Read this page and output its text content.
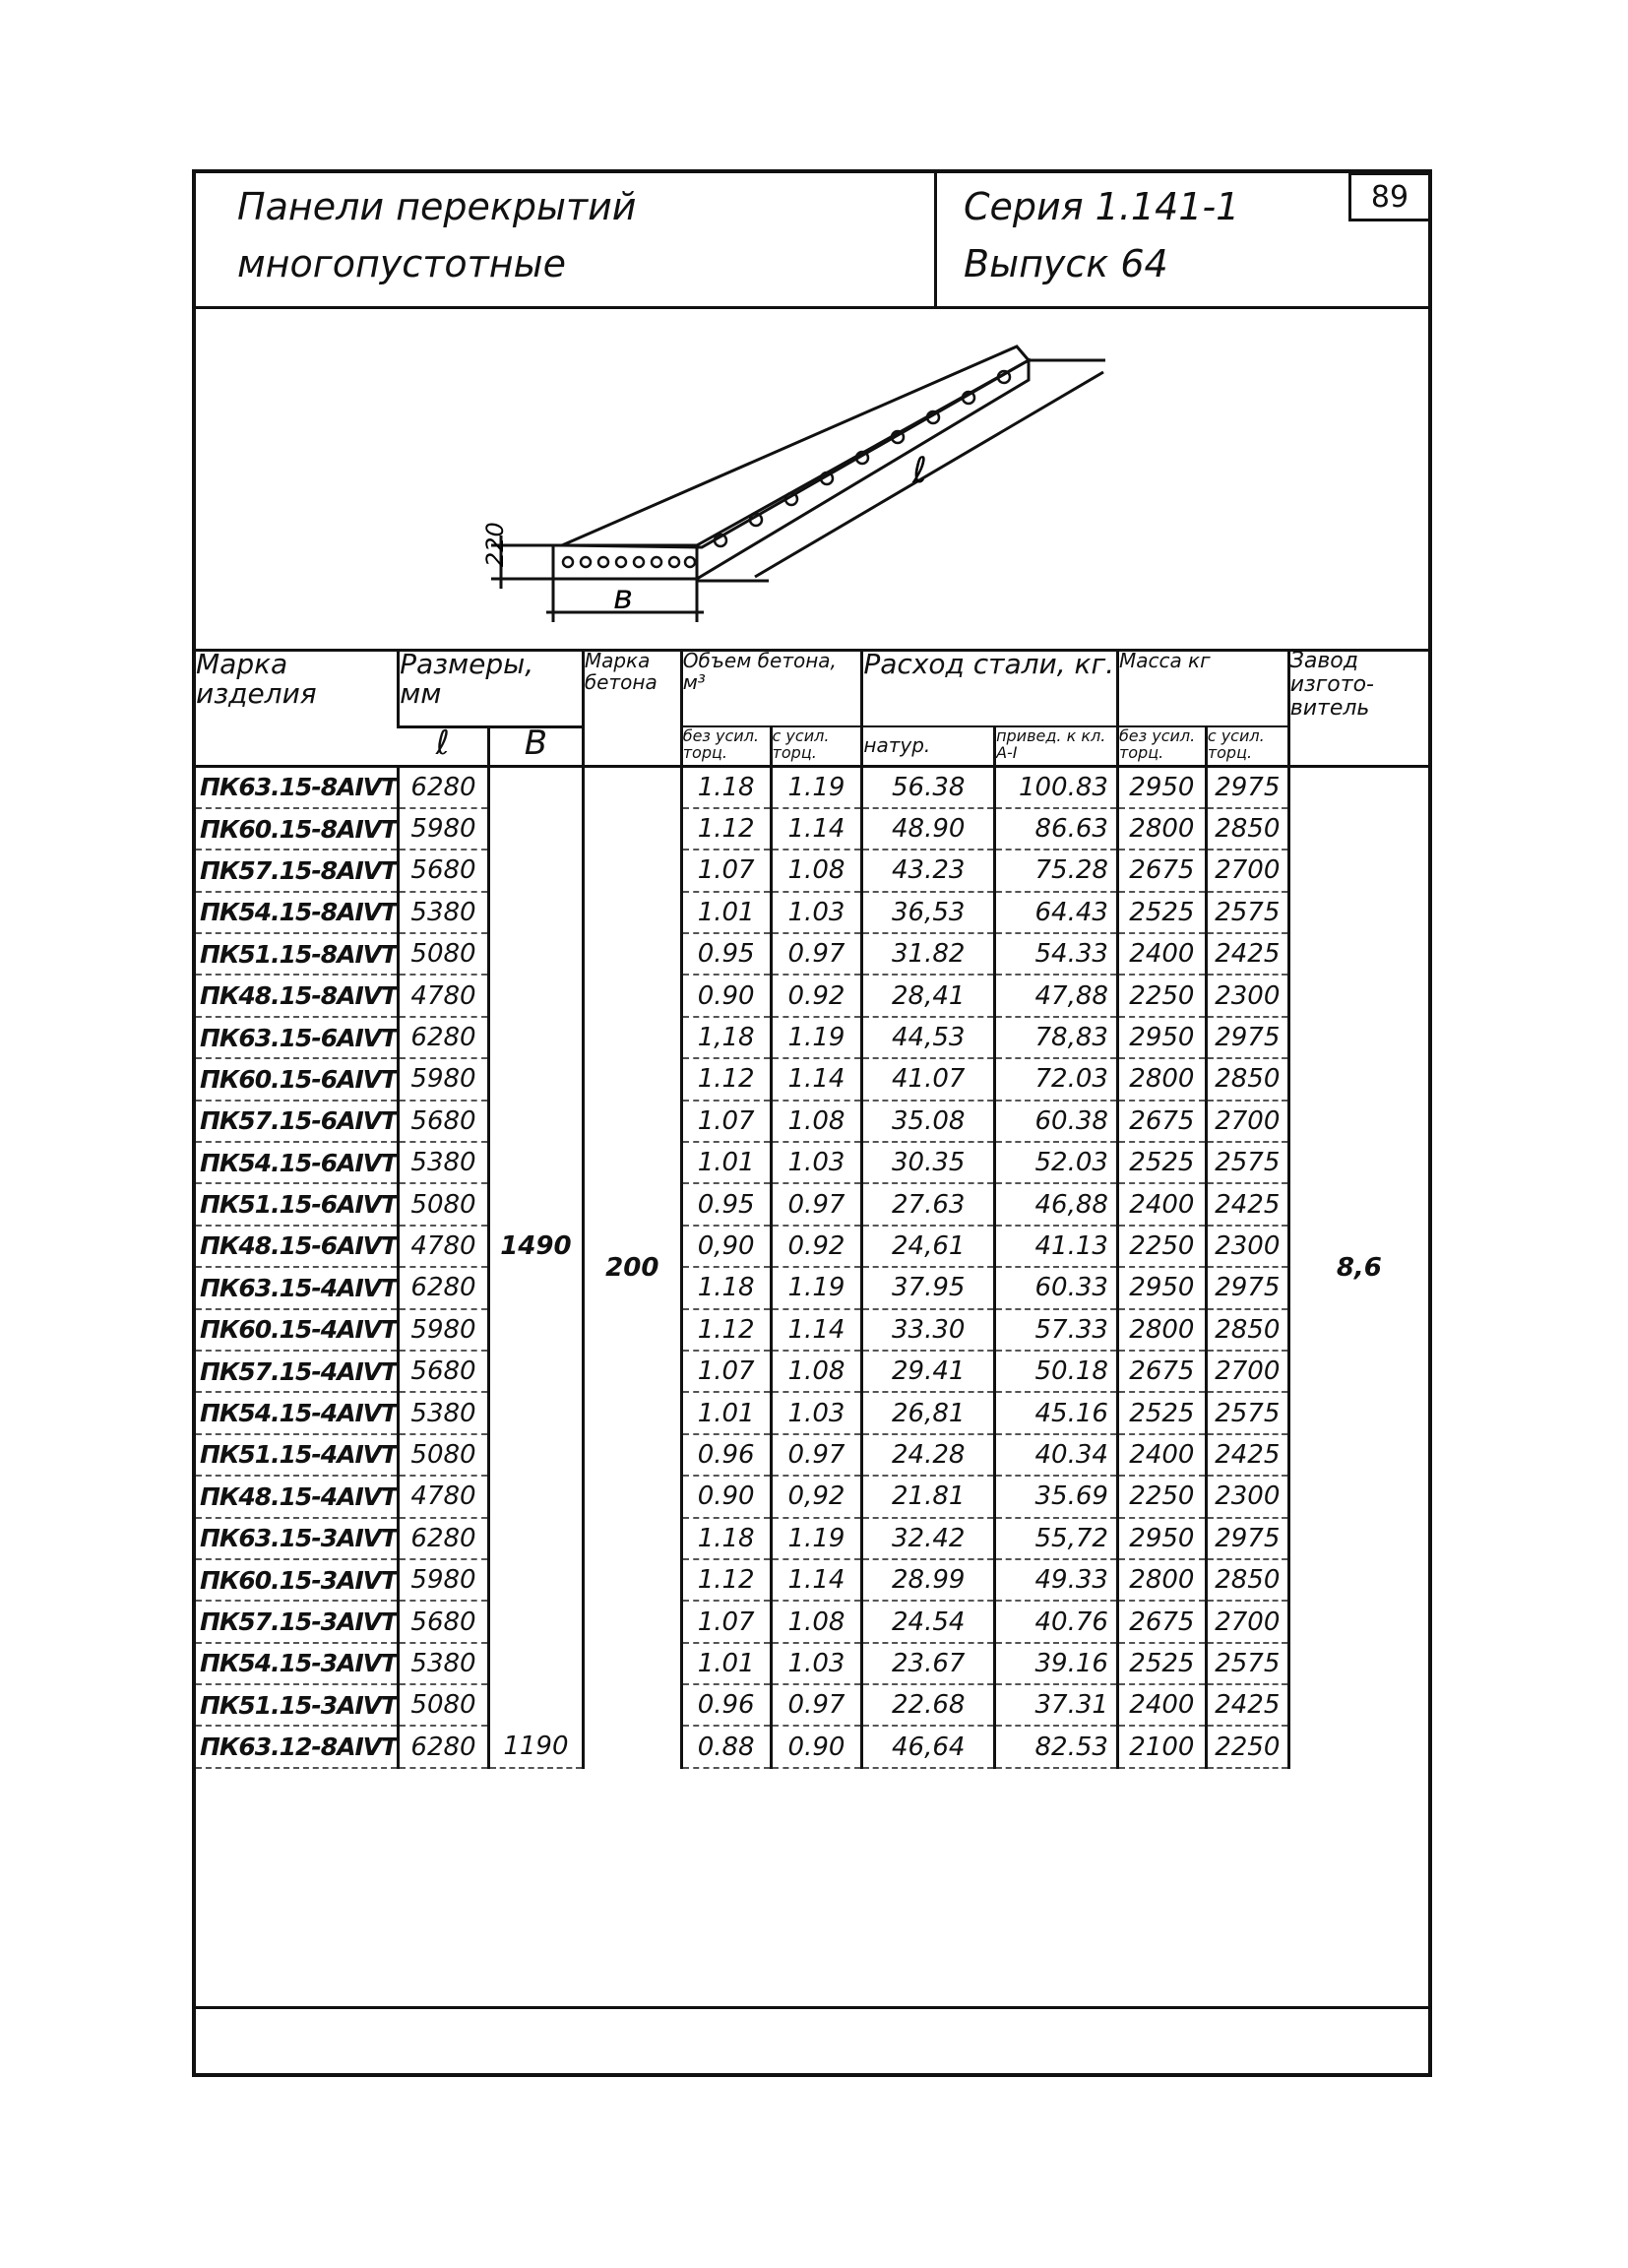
89
Панели перекрытий
многопустотные
Серия 1.141-1
Выпуск 64
220
в
ℓ
Марка изделия	Размеры, мм		Марка бетона	Объем бетона, м³		Расход стали, кг.		Масса кг		Завод изгото-витель
	ℓ	В		без усил. торц.	с усил. торц.	натур.	привед. к кл. А-I	без усил. торц.	с усил. торц.	
ПК63.15-8АⅣТ	6280	1490	200	1.18	1.19	56.38	100.83	2950	2975	8,6
ПК60.15-8АⅣТ	5980			1.12	1.14	48.90	86.63	2800	2850	
ПК57.15-8АⅣТ	5680			1.07	1.08	43.23	75.28	2675	2700	
ПК54.15-8АⅣТ	5380			1.01	1.03	36,53	64.43	2525	2575	
ПК51.15-8АⅣТ	5080			0.95	0.97	31.82	54.33	2400	2425	
ПК48.15-8АⅣТ	4780			0.90	0.92	28,41	47,88	2250	2300	
ПК63.15-6АⅣТ	6280			1,18	1.19	44,53	78,83	2950	2975	
ПК60.15-6АⅣТ	5980			1.12	1.14	41.07	72.03	2800	2850	
ПК57.15-6АⅣТ	5680			1.07	1.08	35.08	60.38	2675	2700	
ПК54.15-6АⅣТ	5380			1.01	1.03	30.35	52.03	2525	2575	
ПК51.15-6АⅣТ	5080			0.95	0.97	27.63	46,88	2400	2425	
ПК48.15-6АⅣТ	4780			0,90	0.92	24,61	41.13	2250	2300	
ПК63.15-4АⅣТ	6280			1.18	1.19	37.95	60.33	2950	2975	
ПК60.15-4АⅣТ	5980			1.12	1.14	33.30	57.33	2800	2850	
ПК57.15-4АⅣТ	5680			1.07	1.08	29.41	50.18	2675	2700	
ПК54.15-4АⅣТ	5380			1.01	1.03	26,81	45.16	2525	2575	
ПК51.15-4АⅣТ	5080			0.96	0.97	24.28	40.34	2400	2425	
ПК48.15-4АⅣТ	4780			0.90	0,92	21.81	35.69	2250	2300	
ПК63.15-3АⅣТ	6280			1.18	1.19	32.42	55,72	2950	2975	
ПК60.15-3АⅣТ	5980			1.12	1.14	28.99	49.33	2800	2850	
ПК57.15-3АⅣТ	5680			1.07	1.08	24.54	40.76	2675	2700	
ПК54.15-3АⅣТ	5380			1.01	1.03	23.67	39.16	2525	2575	
ПК51.15-3АⅣТ	5080			0.96	0.97	22.68	37.31	2400	2425	
ПК63.12-8АⅣТ	6280	1190		0.88	0.90	46,64	82.53	2100	2250	
